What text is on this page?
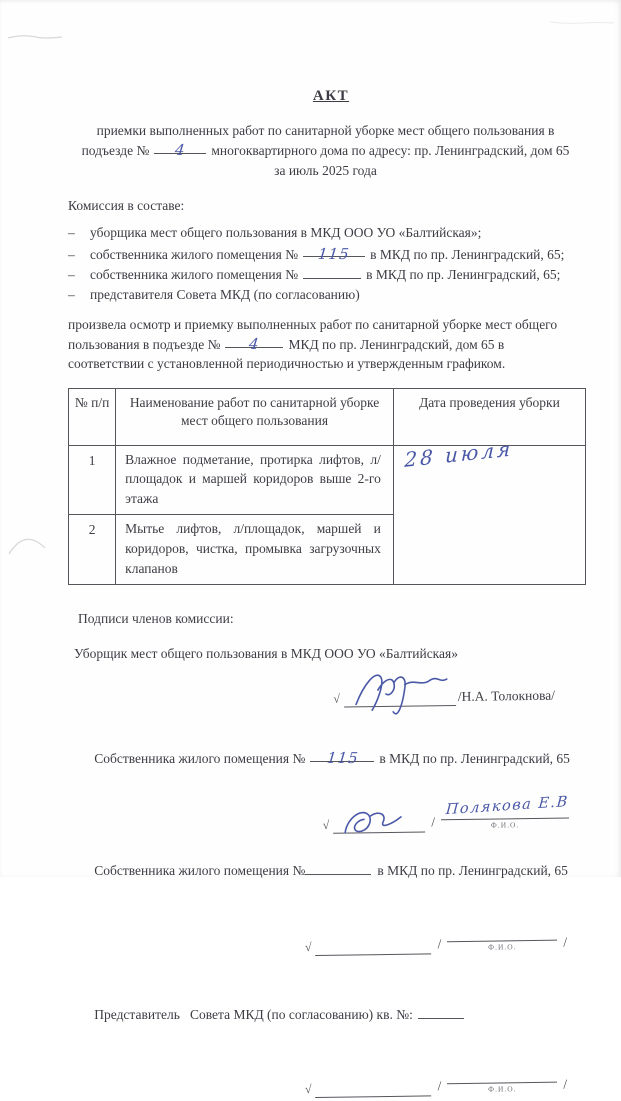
АКТ
приемки выполненных работ по санитарной уборке мест общего пользования в
подъезде № 4 многоквартирного дома по адресу: пр. Ленинградский, дом 65
за июль 2025 года
Комиссия в составе:
–	уборщика мест общего пользования в МКД ООО УО «Балтийская»;
–	собственника жилого помещения № 115 в МКД по пр. Ленинградский, 65;
–	собственника жилого помещения №	в МКД по пр. Ленинградский, 65;
–	представителя Совета МКД (по согласованию)
произвела осмотр и приемку выполненных работ по санитарной уборке мест общего пользования в подъезде № 4 МКД по пр. Ленинградский, дом 65 в соответствии с установленной периодичностью и утвержденным графиком.
№ п/п	Наименование работ по санитарной уборке мест общего пользования	Дата проведения уборки
1	Влажное подметание, протирка лифтов, л/площадок и маршей коридоров выше 2-го этажа	28 июля
2	Мытье лифтов, л/площадок, маршей и коридоров, чистка, промывка загрузочных клапанов	
Подписи членов комиссии:
Уборщик мест общего пользования в МКД ООО УО «Балтийская»
√	/Н.А. Толокнова/

Собственника жилого помещения № 115 в МКД по пр. Ленинградский, 65

√	/
Полякова Е.В
Ф.И.О.

Собственника жилого помещения №	в МКД по пр. Ленинградский, 65

√	/	Ф.И.О.	/

Представитель   Совета МКД (по согласованию) кв. №:

√	/	Ф.И.О.	/
